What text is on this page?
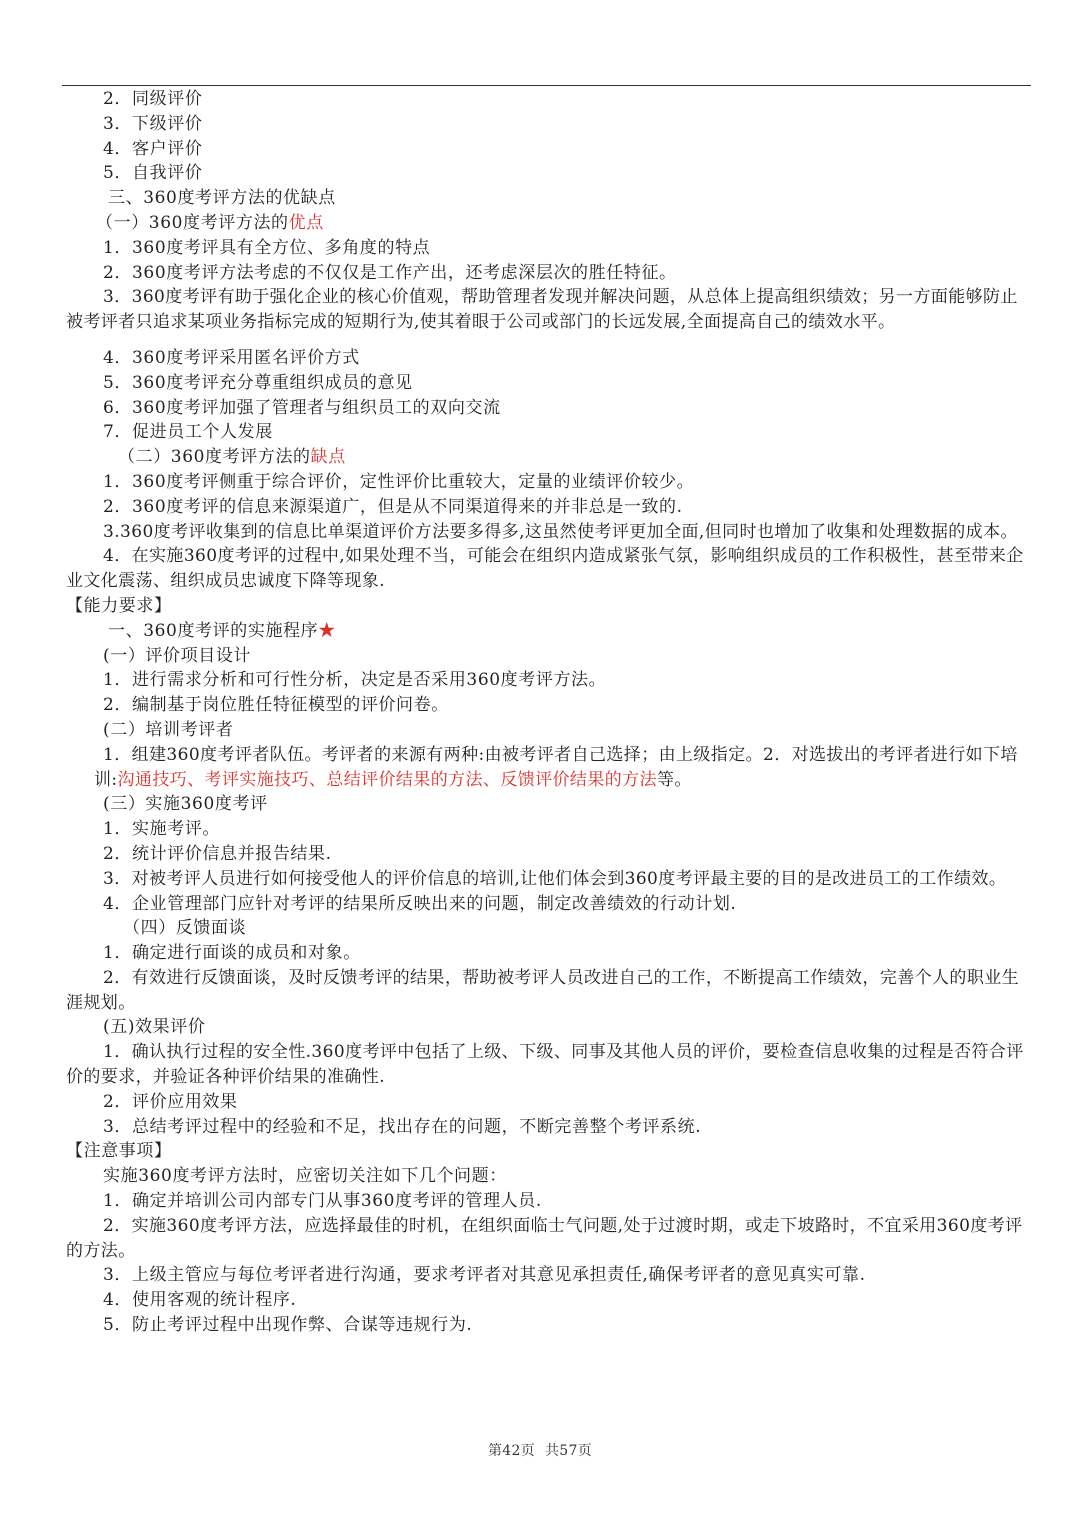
2．同级评价
3．下级评价
4．客户评价
5．自我评价
三、360度考评方法的优缺点
（一）360度考评方法的优点
1．360度考评具有全方位、多角度的特点
2．360度考评方法考虑的不仅仅是工作产出，还考虑深层次的胜任特征。
3．360度考评有助于强化企业的核心价值观，帮助管理者发现并解决问题，从总体上提高组织绩效；另一方面能够防止被考评者只追求某项业务指标完成的短期行为,使其着眼于公司或部门的长远发展,全面提高自己的绩效水平。
4．360度考评采用匿名评价方式
5．360度考评充分尊重组织成员的意见
6．360度考评加强了管理者与组织员工的双向交流
7．促进员工个人发展
（二）360度考评方法的缺点
1．360度考评侧重于综合评价，定性评价比重较大，定量的业绩评价较少。
2．360度考评的信息来源渠道广，但是从不同渠道得来的并非总是一致的.
3.360度考评收集到的信息比单渠道评价方法要多得多,这虽然使考评更加全面,但同时也增加了收集和处理数据的成本。
4．在实施360度考评的过程中,如果处理不当，可能会在组织内造成紧张气氛，影响组织成员的工作积极性，甚至带来企业文化震荡、组织成员忠诚度下降等现象.
【能力要求】
一、360度考评的实施程序★
(一）评价项目设计
1．进行需求分析和可行性分析，决定是否采用360度考评方法。
2．编制基于岗位胜任特征模型的评价问卷。
(二）培训考评者
1．组建360度考评者队伍。考评者的来源有两种:由被考评者自己选择；由上级指定。2．对选拔出的考评者进行如下培训:沟通技巧、考评实施技巧、总结评价结果的方法、反馈评价结果的方法等。
(三）实施360度考评
1．实施考评。
2．统计评价信息并报告结果.
3．对被考评人员进行如何接受他人的评价信息的培训,让他们体会到360度考评最主要的目的是改进员工的工作绩效。
4．企业管理部门应针对考评的结果所反映出来的问题，制定改善绩效的行动计划.
（四）反馈面谈
1．确定进行面谈的成员和对象。
2．有效进行反馈面谈，及时反馈考评的结果，帮助被考评人员改进自己的工作，不断提高工作绩效，完善个人的职业生涯规划。
(五)效果评价
1．确认执行过程的安全性.360度考评中包括了上级、下级、同事及其他人员的评价，要检查信息收集的过程是否符合评价的要求，并验证各种评价结果的准确性.
2．评价应用效果
3．总结考评过程中的经验和不足，找出存在的问题，不断完善整个考评系统.
【注意事项】
实施360度考评方法时，应密切关注如下几个问题：
1．确定并培训公司内部专门从事360度考评的管理人员.
2．实施360度考评方法，应选择最佳的时机，在组织面临士气问题,处于过渡时期，或走下坡路时，不宜采用360度考评的方法。
3．上级主管应与每位考评者进行沟通，要求考评者对其意见承担责任,确保考评者的意见真实可靠.
4．使用客观的统计程序.
5．防止考评过程中出现作弊、合谋等违规行为.
第42页 共57页
